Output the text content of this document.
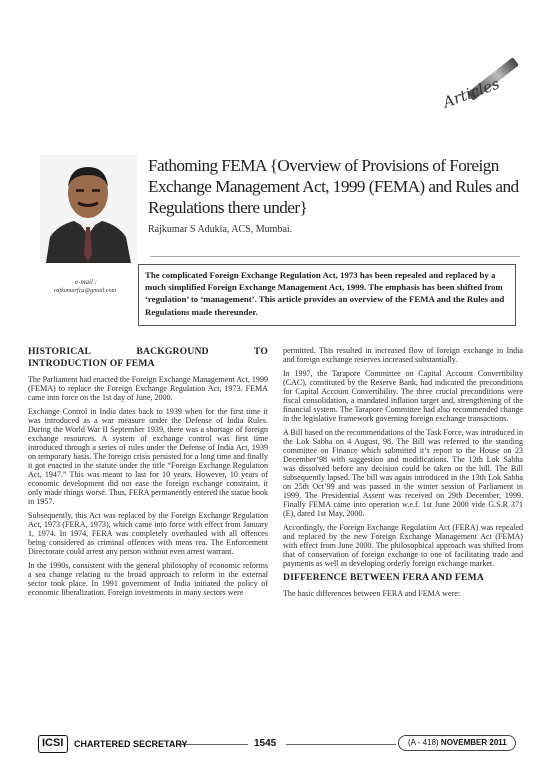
Articles
Fathoming FEMA {Overview of Provisions of Foreign Exchange Management Act, 1999 (FEMA) and Rules and Regulations there under}
Rajkumar S Adukia, ACS, Mumbai.
e-mail :
rajkumarfca@gmail.com
The complicated Foreign Exchange Regulation Act, 1973 has been repealed and replaced by a much simplified Foreign Exchange Management Act, 1999. The emphasis has been shifted from ‘regulation’ to ‘management’. This article provides an overview of the FEMA and the Rules and Regulations made thereunder.
HISTORICAL	BACKGROUND	TO
INTRODUCTION OF FEMA

The Parliament had enacted the Foreign Exchange Management Act, 1999 (FEMA) to replace the Foreign Exchange Regulation Act, 1973. FEMA came into force on the 1st day of June, 2000.

Exchange Control in India dates back to 1939 when for the first time it was introduced as a war measure under the Defense of India Rules. During the World War II September 1939, there was a shortage of foreign exchange resources. A system of exchange control was first time introduced through a series of rules under the Defense of India Act, 1939 on temporary basis. The foreign crisis persisted for a long time and finally it got enacted in the statute under the title “Foreign Exchange Regulation Act, 1947.” This was meant to last for 10 years. However, 10 years of economic development did not ease the foreign exchange constraint, it only made things worse. Thus, FERA permanently entered the statue book in 1957.

Subsequently, this Act was replaced by the Foreign Exchange Regulation Act, 1973 (FERA, 1973), which came into force with effect from January 1, 1974. In 1974, FERA was completely overhauled with all offences being considered as criminal offences with mens rea. The Enforcement Directorate could arrest any person without even arrest warrant.

In the 1990s, consistent with the general philosophy of economic reforms a sea change relating to the broad approach to reform in the external sector took place. In 1991 government of India initiated the policy of economic liberalization. Foreign investments in many sectors were

permitted. This resulted in increased flow of foreign exchange in India and foreign exchange reserves increased substantially.

In 1997, the Tarapore Committee on Capital Account Convertibility (CAC), constituted by the Reserve Bank, had indicated the preconditions for Capital Account Convertibility. The three crucial preconditions were fiscal consolidation, a mandated inflation target and, strengthening of the financial system. The Tarapore Committee had also recommended change in the legislative framework governing foreign exchange transactions.

A Bill based on the recommendations of the Task Force, was introduced in the Lok Sabha on 4 August, 98. The Bill was referred to the standing committee on Finance which submitted it’s report to the House on 23 December’98 with suggestion and modifications. The 12th Lok Sabha was dissolved before any decision could be taken on the bill. The Bill subsequently lapsed. The bill was again introduced in the 13th Lok Sabha on 25th Oct’99 and was passed in the winter session of Parliament in 1999. The Presidential Assent was received on 29th December, 1999. Finally FEMA came into operation w.e.f. 1st June 2000 vide G.S.R 371 (E), dated 1st May, 2000.

Accordingly, the Foreign Exchange Regulation Act (FERA) was repealed and replaced by the new Foreign Exchange Management Act (FEMA) with effect from June 2000. The philosophical approach was shifted from that of conservation of foreign exchange to one of facilitating trade and payments as well as developing orderly foreign exchange market.

DIFFERENCE BETWEEN FERA AND FEMA

The basic differences between FERA and FEMA were:

ICSI CHARTERED SECRETARY	1545	(A - 418) NOVEMBER 2011
